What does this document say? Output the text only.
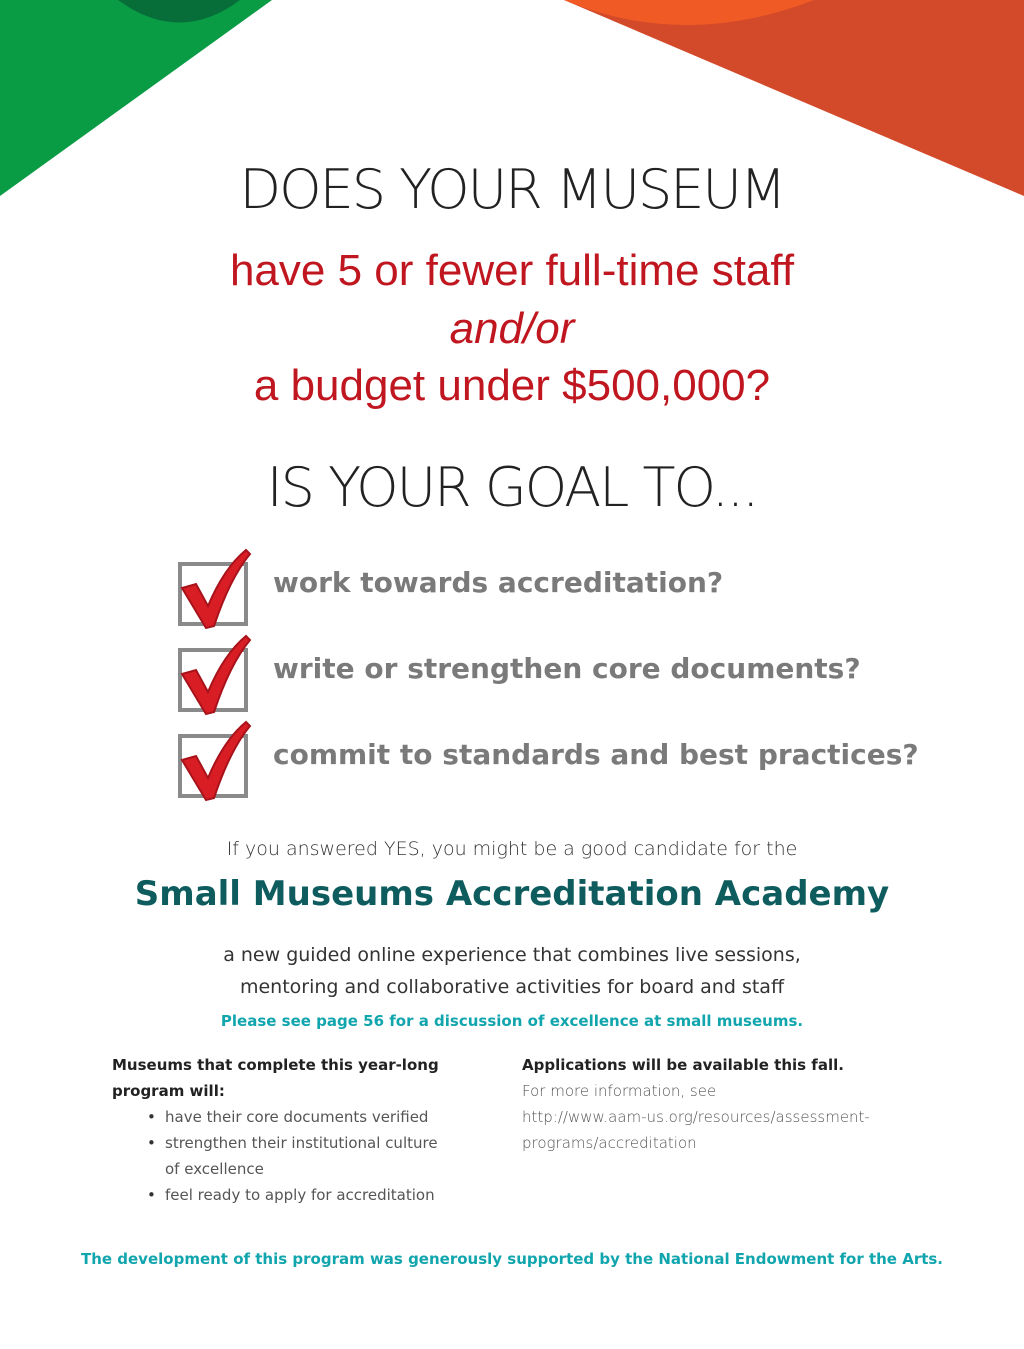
DOES YOUR MUSEUM

have 5 or fewer full-time staff

and/or

a budget under $500,000?

IS YOUR GOAL TO...
work towards accreditation?
write or strengthen core documents?
commit to standards and best practices?

If you answered YES, you might be a good candidate for the

Small Museums Accreditation Academy

a new guided online experience that combines live sessions,

mentoring and collaborative activities for board and staff

Please see page 56 for a discussion of excellence at small museums.

Museums that complete this year-long
program will:
• have their core documents verified
• strengthen their institutional culture of excellence
• feel ready to apply for accreditation
Applications will be available this fall.
For more information, see
http://www.aam-us.org/resources/assessment-
programs/accreditation

The development of this program was generously supported by the National Endowment for the Arts.
